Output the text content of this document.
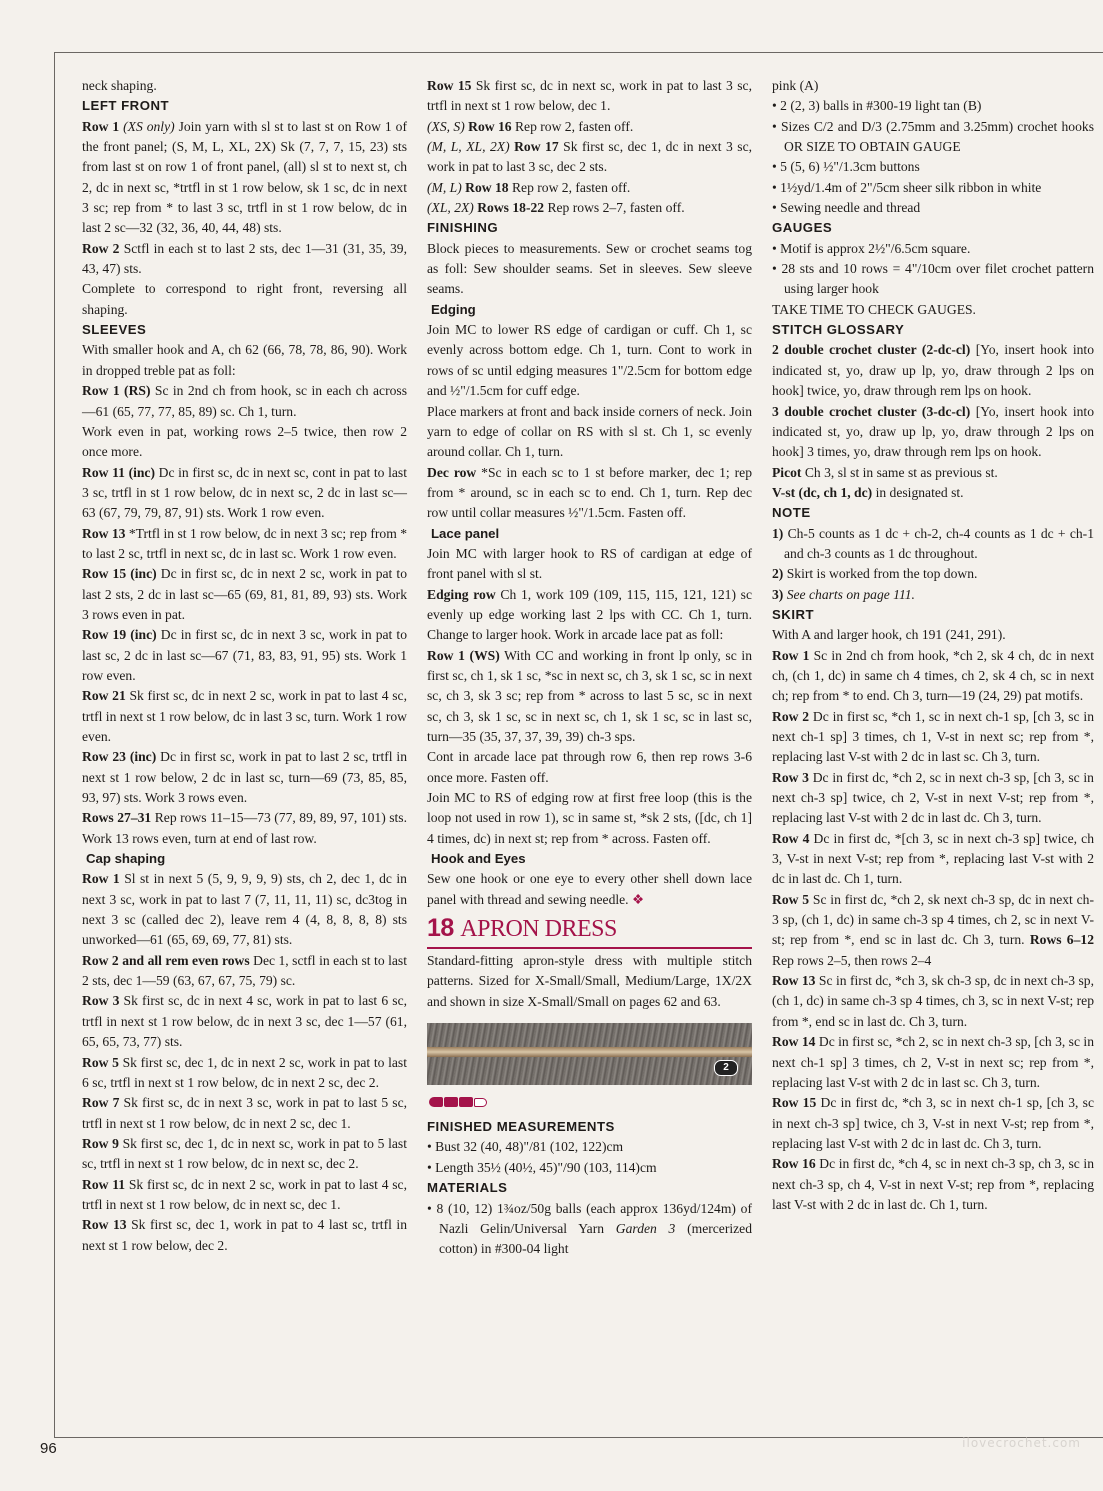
neck shaping.

LEFT FRONT

Row 1 (XS only) Join yarn with sl st to last st on Row 1 of the front panel; (S, M, L, XL, 2X) Sk (7, 7, 7, 15, 23) sts from last st on row 1 of front panel, (all) sl st to next st, ch 2, dc in next sc, *trtfl in st 1 row below, sk 1 sc, dc in next 3 sc; rep from * to last 3 sc, trtfl in st 1 row below, dc in last 2 sc—32 (32, 36, 40, 44, 48) sts.

Row 2 Sctfl in each st to last 2 sts, dec 1—31 (31, 35, 39, 43, 47) sts.

Complete to correspond to right front, reversing all shaping.

SLEEVES

With smaller hook and A, ch 62 (66, 78, 78, 86, 90). Work in dropped treble pat as foll:

Row 1 (RS) Sc in 2nd ch from hook, sc in each ch across—61 (65, 77, 77, 85, 89) sc. Ch 1, turn.

Work even in pat, working rows 2–5 twice, then row 2 once more.

Row 11 (inc) Dc in first sc, dc in next sc, cont in pat to last 3 sc, trtfl in st 1 row below, dc in next sc, 2 dc in last sc—63 (67, 79, 79, 87, 91) sts. Work 1 row even.

Row 13 *Trtfl in st 1 row below, dc in next 3 sc; rep from * to last 2 sc, trtfl in next sc, dc in last sc. Work 1 row even.

Row 15 (inc) Dc in first sc, dc in next 2 sc, work in pat to last 2 sts, 2 dc in last sc—65 (69, 81, 81, 89, 93) sts. Work 3 rows even in pat.

Row 19 (inc) Dc in first sc, dc in next 3 sc, work in pat to last sc, 2 dc in last sc—67 (71, 83, 83, 91, 95) sts. Work 1 row even.

Row 21 Sk first sc, dc in next 2 sc, work in pat to last 4 sc, trtfl in next st 1 row below, dc in last 3 sc, turn. Work 1 row even.

Row 23 (inc) Dc in first sc, work in pat to last 2 sc, trtfl in next st 1 row below, 2 dc in last sc, turn—69 (73, 85, 85, 93, 97) sts. Work 3 rows even.

Rows 27–31 Rep rows 11–15—73 (77, 89, 89, 97, 101) sts. Work 13 rows even, turn at end of last row.

Cap shaping

Row 1 Sl st in next 5 (5, 9, 9, 9, 9) sts, ch 2, dec 1, dc in next 3 sc, work in pat to last 7 (7, 11, 11, 11) sc, dc3tog in next 3 sc (called dec 2), leave rem 4 (4, 8, 8, 8, 8) sts unworked—61 (65, 69, 69, 77, 81) sts.

Row 2 and all rem even rows Dec 1, sctfl in each st to last 2 sts, dec 1—59 (63, 67, 67, 75, 79) sc.

Row 3 Sk first sc, dc in next 4 sc, work in pat to last 6 sc, trtfl in next st 1 row below, dc in next 3 sc, dec 1—57 (61, 65, 65, 73, 77) sts.

Row 5 Sk first sc, dec 1, dc in next 2 sc, work in pat to last 6 sc, trtfl in next st 1 row below, dc in next 2 sc, dec 2.

Row 7 Sk first sc, dc in next 3 sc, work in pat to last 5 sc, trtfl in next st 1 row below, dc in next 2 sc, dec 1.

Row 9 Sk first sc, dec 1, dc in next sc, work in pat to 5 last sc, trtfl in next st 1 row below, dc in next sc, dec 2.

Row 11 Sk first sc, dc in next 2 sc, work in pat to last 4 sc, trtfl in next st 1 row below, dc in next sc, dec 1.

Row 13 Sk first sc, dec 1, work in pat to 4 last sc, trtfl in next st 1 row below, dec 2.

Row 15 Sk first sc, dc in next sc, work in pat to last 3 sc, trtfl in next st 1 row below, dec 1.

(XS, S) Row 16 Rep row 2, fasten off.

(M, L, XL, 2X) Row 17 Sk first sc, dec 1, dc in next 3 sc, work in pat to last 3 sc, dec 2 sts.

(M, L) Row 18 Rep row 2, fasten off.

(XL, 2X) Rows 18-22 Rep rows 2–7, fasten off.

FINISHING

Block pieces to measurements. Sew or crochet seams tog as foll: Sew shoulder seams. Set in sleeves. Sew sleeve seams.

Edging

Join MC to lower RS edge of cardigan or cuff. Ch 1, sc evenly across bottom edge. Ch 1, turn. Cont to work in rows of sc until edging measures 1"/2.5cm for bottom edge and ½"/1.5cm for cuff edge.

Place markers at front and back inside corners of neck. Join yarn to edge of collar on RS with sl st. Ch 1, sc evenly around collar. Ch 1, turn.

Dec row *Sc in each sc to 1 st before marker, dec 1; rep from * around, sc in each sc to end. Ch 1, turn. Rep dec row until collar measures ½"/1.5cm. Fasten off.

Lace panel

Join MC with larger hook to RS of cardigan at edge of front panel with sl st.

Edging row Ch 1, work 109 (109, 115, 115, 121, 121) sc evenly up edge working last 2 lps with CC. Ch 1, turn. Change to larger hook. Work in arcade lace pat as foll:

Row 1 (WS) With CC and working in front lp only, sc in first sc, ch 1, sk 1 sc, *sc in next sc, ch 3, sk 1 sc, sc in next sc, ch 3, sk 3 sc; rep from * across to last 5 sc, sc in next sc, ch 3, sk 1 sc, sc in next sc, ch 1, sk 1 sc, sc in last sc, turn—35 (35, 37, 37, 39, 39) ch-3 sps.

Cont in arcade lace pat through row 6, then rep rows 3-6 once more. Fasten off.

Join MC to RS of edging row at first free loop (this is the loop not used in row 1), sc in same st, *sk 2 sts, ([dc, ch 1] 4 times, dc) in next st; rep from * across. Fasten off.

Hook and Eyes

Sew one hook or one eye to every other shell down lace panel with thread and sewing needle. ❖

18 APRON DRESS

Standard-fitting apron-style dress with multiple stitch patterns. Sized for X-Small/Small, Medium/Large, 1X/2X and shown in size X-Small/Small on pages 62 and 63.

2
FINISHED MEASUREMENTS

• Bust 32 (40, 48)"/81 (102, 122)cm

• Length 35½ (40½, 45)"/90 (103, 114)cm

MATERIALS

• 8 (10, 12) 1¾oz/50g balls (each approx 136yd/124m) of Nazli Gelin/Universal Yarn Garden 3 (mercerized cotton) in #300-04 light

pink (A)

• 2 (2, 3) balls in #300-19 light tan (B)

• Sizes C/2 and D/3 (2.75mm and 3.25mm) crochet hooks OR SIZE TO OBTAIN GAUGE

• 5 (5, 6) ½"/1.3cm buttons

• 1½yd/1.4m of 2"/5cm sheer silk ribbon in white

• Sewing needle and thread

GAUGES

• Motif is approx 2½"/6.5cm square.

• 28 sts and 10 rows = 4"/10cm over filet crochet pattern using larger hook

TAKE TIME TO CHECK GAUGES.

STITCH GLOSSARY

2 double crochet cluster (2-dc-cl) [Yo, insert hook into indicated st, yo, draw up lp, yo, draw through 2 lps on hook] twice, yo, draw through rem lps on hook.

3 double crochet cluster (3-dc-cl) [Yo, insert hook into indicated st, yo, draw up lp, yo, draw through 2 lps on hook] 3 times, yo, draw through rem lps on hook.

Picot Ch 3, sl st in same st as previous st.

V-st (dc, ch 1, dc) in designated st.

NOTE

1) Ch-5 counts as 1 dc + ch-2, ch-4 counts as 1 dc + ch-1 and ch-3 counts as 1 dc throughout.

2) Skirt is worked from the top down.

3) See charts on page 111.

SKIRT

With A and larger hook, ch 191 (241, 291).

Row 1 Sc in 2nd ch from hook, *ch 2, sk 4 ch, dc in next ch, (ch 1, dc) in same ch 4 times, ch 2, sk 4 ch, sc in next ch; rep from * to end. Ch 3, turn—19 (24, 29) pat motifs.

Row 2 Dc in first sc, *ch 1, sc in next ch-1 sp, [ch 3, sc in next ch-1 sp] 3 times, ch 1, V-st in next sc; rep from *, replacing last V-st with 2 dc in last sc. Ch 3, turn.

Row 3 Dc in first dc, *ch 2, sc in next ch-3 sp, [ch 3, sc in next ch-3 sp] twice, ch 2, V-st in next V-st; rep from *, replacing last V-st with 2 dc in last dc. Ch 3, turn.

Row 4 Dc in first dc, *[ch 3, sc in next ch-3 sp] twice, ch 3, V-st in next V-st; rep from *, replacing last V-st with 2 dc in last dc. Ch 1, turn.

Row 5 Sc in first dc, *ch 2, sk next ch-3 sp, dc in next ch-3 sp, (ch 1, dc) in same ch-3 sp 4 times, ch 2, sc in next V-st; rep from *, end sc in last dc. Ch 3, turn. Rows 6–12 Rep rows 2–5, then rows 2–4

Row 13 Sc in first dc, *ch 3, sk ch-3 sp, dc in next ch-3 sp, (ch 1, dc) in same ch-3 sp 4 times, ch 3, sc in next V-st; rep from *, end sc in last dc. Ch 3, turn.

Row 14 Dc in first sc, *ch 2, sc in next ch-3 sp, [ch 3, sc in next ch-1 sp] 3 times, ch 2, V-st in next sc; rep from *, replacing last V-st with 2 dc in last sc. Ch 3, turn.

Row 15 Dc in first dc, *ch 3, sc in next ch-1 sp, [ch 3, sc in next ch-3 sp] twice, ch 3, V-st in next V-st; rep from *, replacing last V-st with 2 dc in last dc. Ch 3, turn.

Row 16 Dc in first dc, *ch 4, sc in next ch-3 sp, ch 3, sc in next ch-3 sp, ch 4, V-st in next V-st; rep from *, replacing last V-st with 2 dc in last dc. Ch 1, turn.

96	ilovecrochet.com
